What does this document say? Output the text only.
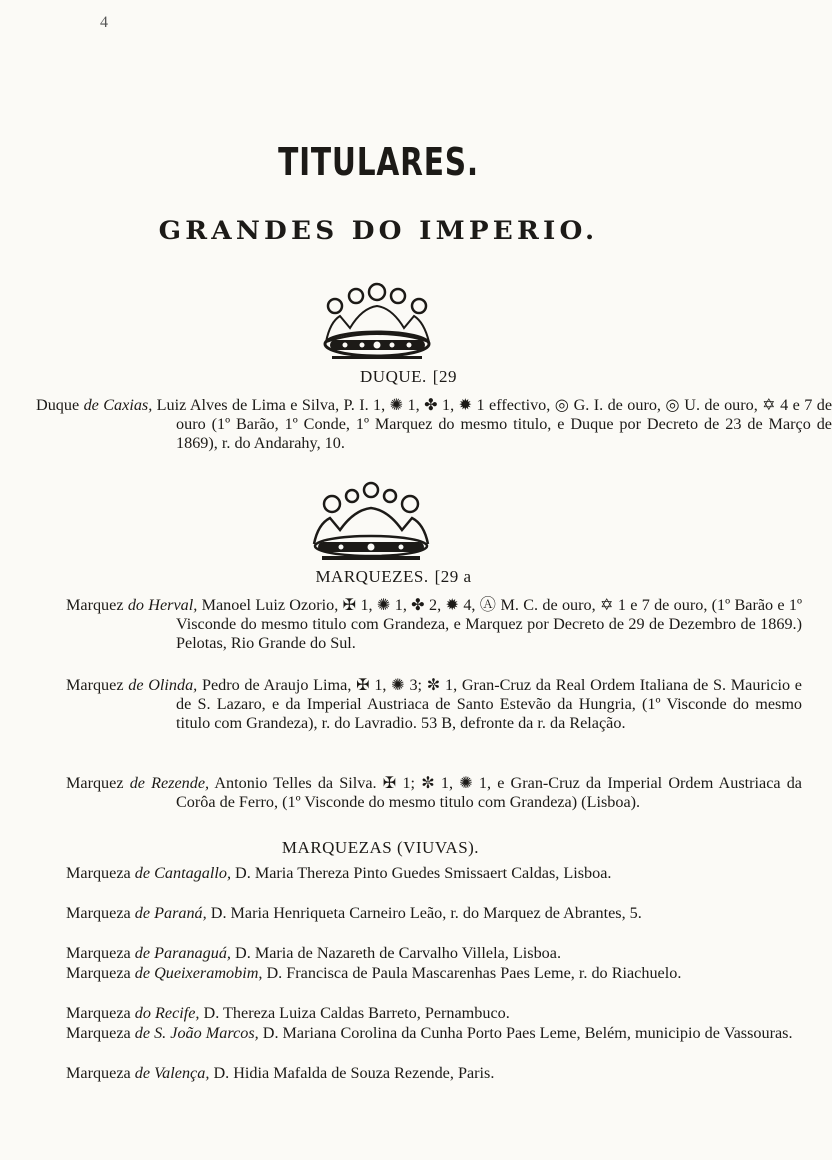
4
TITULARES.
GRANDES DO IMPERIO.
DUQUE. [29
Duque de Caxias, Luiz Alves de Lima e Silva, P. I. 1, ✺ 1, ✤ 1, ✹ 1 effectivo, ◎ G. I. de ouro, ◎ U. de ouro, ✡ 4 e 7 de ouro (1º Barão, 1º Conde, 1º Marquez do mesmo titulo, e Duque por Decreto de 23 de Março de 1869), r. do Andarahy, 10.
MARQUEZES. [29 a
Marquez do Herval, Manoel Luiz Ozorio, ✠ 1, ✺ 1, ✤ 2, ✹ 4, Ⓐ M. C. de ouro, ✡ 1 e 7 de ouro, (1º Barão e 1º Visconde do mesmo titulo com Grandeza, e Marquez por Decreto de 29 de Dezembro de 1869.) Pelotas, Rio Grande do Sul.
Marquez de Olinda, Pedro de Araujo Lima, ✠ 1, ✺ 3; ✼ 1, Gran-Cruz da Real Ordem Italiana de S. Mauricio e de S. Lazaro, e da Imperial Austriaca de Santo Estevão da Hungria, (1º Visconde do mesmo titulo com Grandeza), r. do Lavradio. 53 B, defronte da r. da Relação.
Marquez de Rezende, Antonio Telles da Silva. ✠ 1; ✼ 1, ✺ 1, e Gran-Cruz da Imperial Ordem Austriaca da Corôa de Ferro, (1º Visconde do mesmo titulo com Grandeza) (Lisboa).
MARQUEZAS (VIUVAS).
Marqueza de Cantagallo, D. Maria Thereza Pinto Guedes Smissaert Caldas, Lisboa.
Marqueza de Paraná, D. Maria Henriqueta Carneiro Leão, r. do Marquez de Abrantes, 5.
Marqueza de Paranaguá, D. Maria de Nazareth de Carvalho Villela, Lisboa.
Marqueza de Queixeramobim, D. Francisca de Paula Mascarenhas Paes Leme, r. do Riachuelo.
Marqueza do Recife, D. Thereza Luiza Caldas Barreto, Pernambuco.
Marqueza de S. João Marcos, D. Mariana Corolina da Cunha Porto Paes Leme, Belém, municipio de Vassouras.
Marqueza de Valença, D. Hidia Mafalda de Souza Rezende, Paris.
